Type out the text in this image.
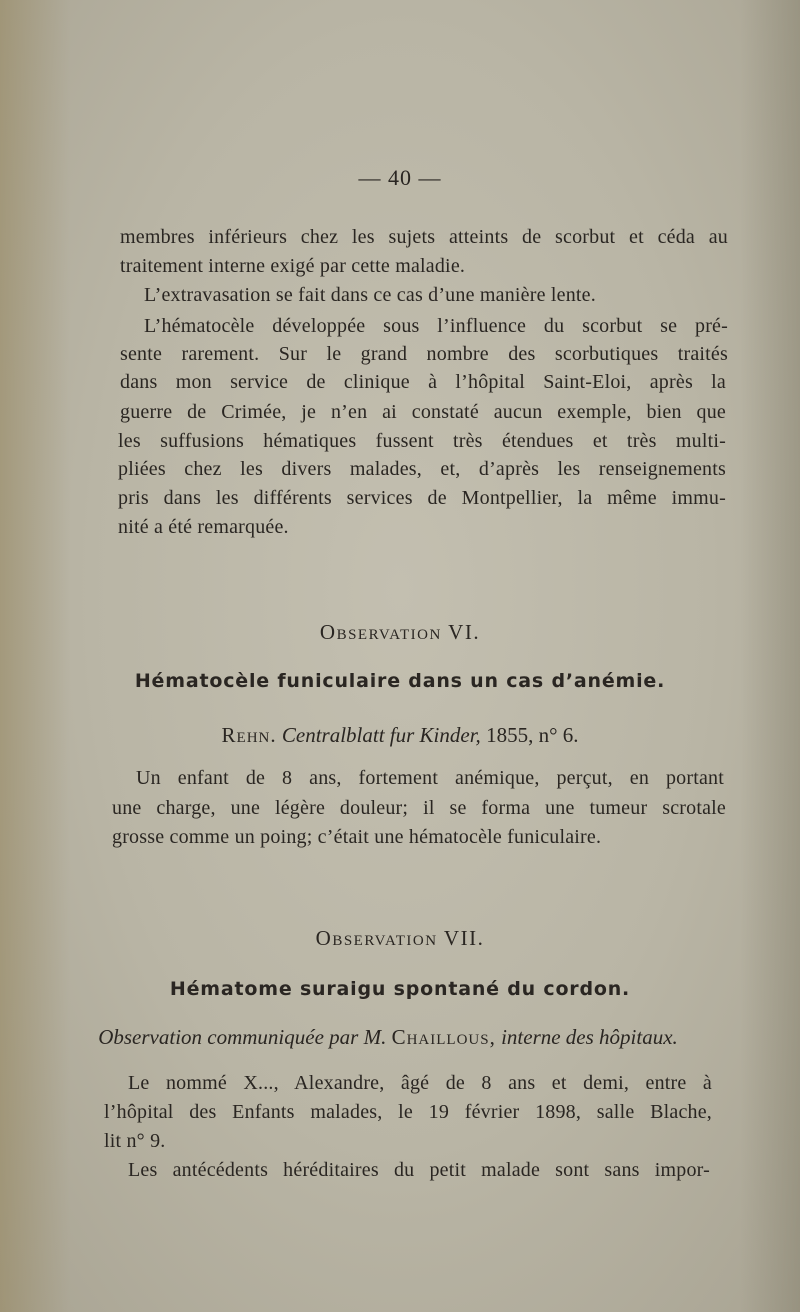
— 40 —
membres inférieurs chez les sujets atteints de scorbut et céda au
traitement interne exigé par cette maladie.
L’extravasation se fait dans ce cas d’une manière lente.
L’hématocèle développée sous l’influence du scorbut se pré-
sente rarement. Sur le grand nombre des scorbutiques traités
dans mon service de clinique à l’hôpital Saint-Eloi, après la
guerre de Crimée, je n’en ai constaté aucun exemple, bien que
les suffusions hématiques fussent très étendues et très multi-
pliées chez les divers malades, et, d’après les renseignements
pris dans les différents services de Montpellier, la même immu-
nité a été remarquée.
Observation VI.
Hématocèle funiculaire dans un cas d’anémie.
Rehn. Centralblatt fur Kinder, 1855, n° 6.
Un enfant de 8 ans, fortement anémique, perçut, en portant
une charge, une légère douleur; il se forma une tumeur scrotale
grosse comme un poing; c’était une hématocèle funiculaire.
Observation VII.
Hématome suraigu spontané du cordon.
Observation communiquée par M. Chaillous, interne des hôpitaux.
Le nommé X..., Alexandre, âgé de 8 ans et demi, entre à
l’hôpital des Enfants malades, le 19 février 1898, salle Blache,
lit n° 9.
Les antécédents héréditaires du petit malade sont sans impor-
